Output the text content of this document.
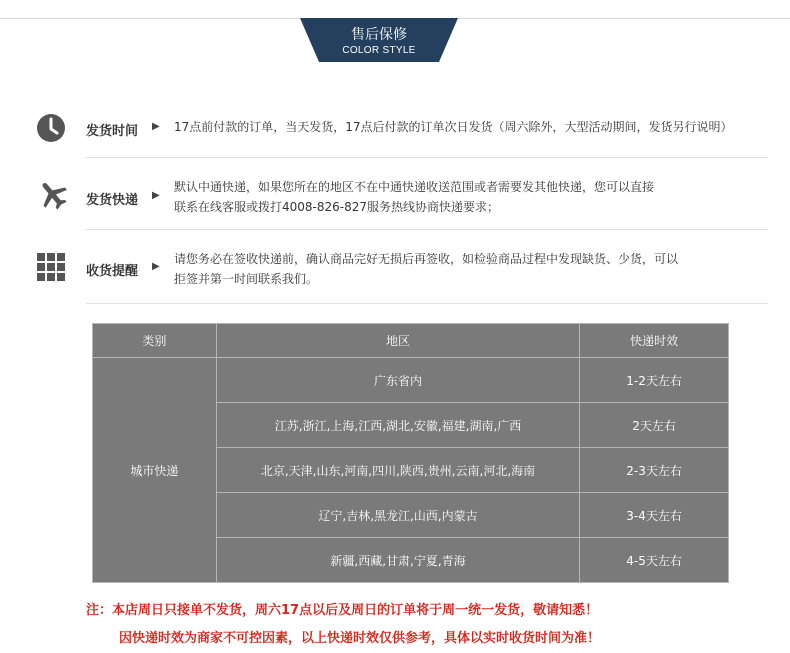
售后保修
COLOR STYLE
发货时间 ▶ 17点前付款的订单，当天发货，17点后付款的订单次日发货（周六除外，大型活动期间，发货另行说明）
发货快递 ▶
默认中通快递，如果您所在的地区不在中通快递收送范围或者需要发其他快递，您可以直接
联系在线客服或拨打4008-826-827服务热线协商快递要求；
收货提醒 ▶
请您务必在签收快递前，确认商品完好无损后再签收，如检验商品过程中发现缺货、少货，可以
拒签并第一时间联系我们。
类别	地区	快递时效
城市快递	广东省内	1-2天左右
	江苏,浙江,上海,江西,湖北,安徽,福建,湖南,广西	2天左右
	北京,天津,山东,河南,四川,陕西,贵州,云南,河北,海南	2-3天左右
	辽宁,吉林,黑龙江,山西,内蒙古	3-4天左右
	新疆,西藏,甘肃,宁夏,青海	4-5天左右
注：本店周日只接单不发货，周六17点以后及周日的订单将于周一统一发货，敬请知悉！
因快递时效为商家不可控因素，以上快递时效仅供参考，具体以实时收货时间为准！
